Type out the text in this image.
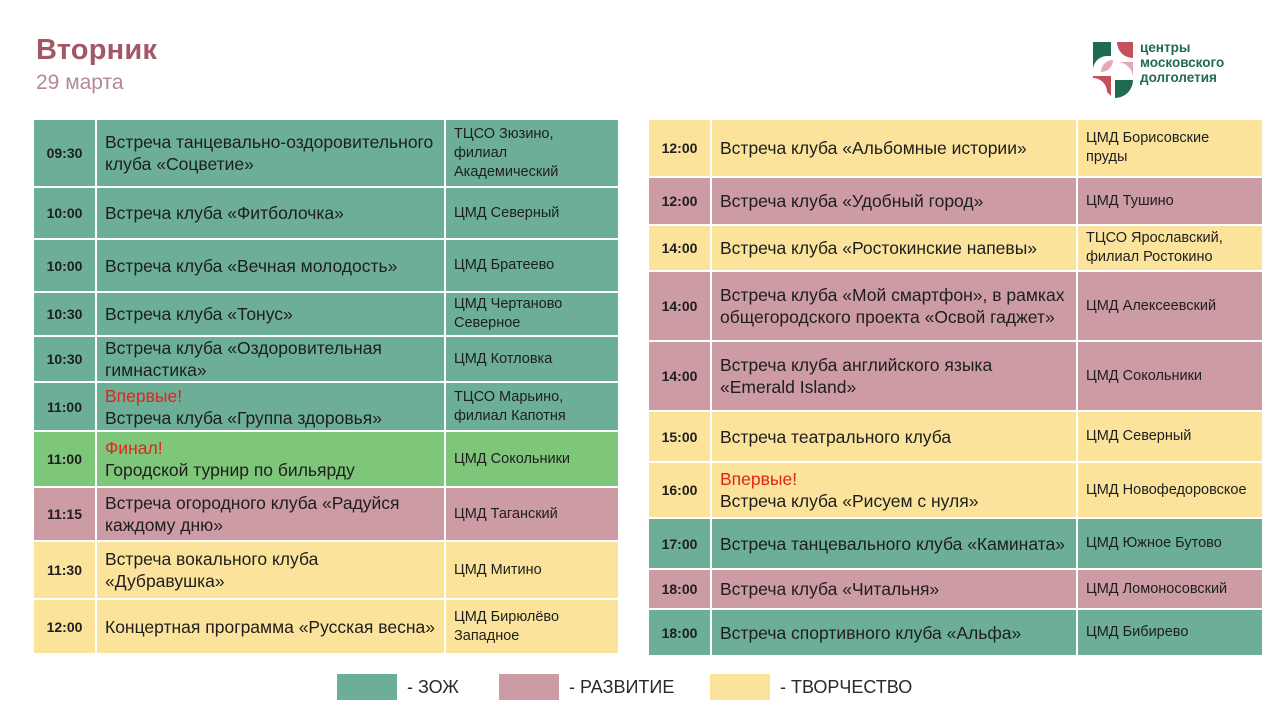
Вторник
29 марта
центры
московского
долголетия
09:30	Встреча танцевально-оздоровительного клуба «Соцветие»	ТЦСО Зюзино, филиал Академический
10:00	Встреча клуба «Фитболочка»	ЦМД Северный
10:00	Встреча клуба «Вечная молодость»	ЦМД Братеево
10:30	Встреча клуба «Тонус»	ЦМД Чертаново Северное
10:30	Встреча клуба «Оздоровительная гимнастика»	ЦМД Котловка
11:00	Впервые!
Встреча клуба «Группа здоровья»	ТЦСО Марьино, филиал Капотня
11:00	Финал!
Городской турнир по бильярду	ЦМД Сокольники
11:15	Встреча огородного клуба «Радуйся каждому дню»	ЦМД Таганский
11:30	Встреча вокального клуба «Дубравушка»	ЦМД Митино
12:00	Концертная программа «Русская весна»	ЦМД Бирюлёво Западное
12:00	Встреча клуба «Альбомные истории»	ЦМД Борисовские пруды
12:00	Встреча клуба «Удобный город»	ЦМД Тушино
14:00	Встреча клуба «Ростокинские напевы»	ТЦСО Ярославский, филиал Ростокино
14:00	Встреча клуба «Мой смартфон», в рамках общегородского проекта «Освой гаджет»	ЦМД Алексеевский
14:00	Встреча клуба английского языка «Emerald Island»	ЦМД Сокольники
15:00	Встреча театрального клуба	ЦМД Северный
16:00	Впервые!
Встреча клуба «Рисуем с нуля»	ЦМД Новофедоровское
17:00	Встреча танцевального клуба «Камината»	ЦМД Южное Бутово
18:00	Встреча клуба «Читальня»	ЦМД Ломоносовский
18:00	Встреча спортивного клуба «Альфа»	ЦМД Бибирево
- ЗОЖ	- РАЗВИТИЕ	- ТВОРЧЕСТВО
